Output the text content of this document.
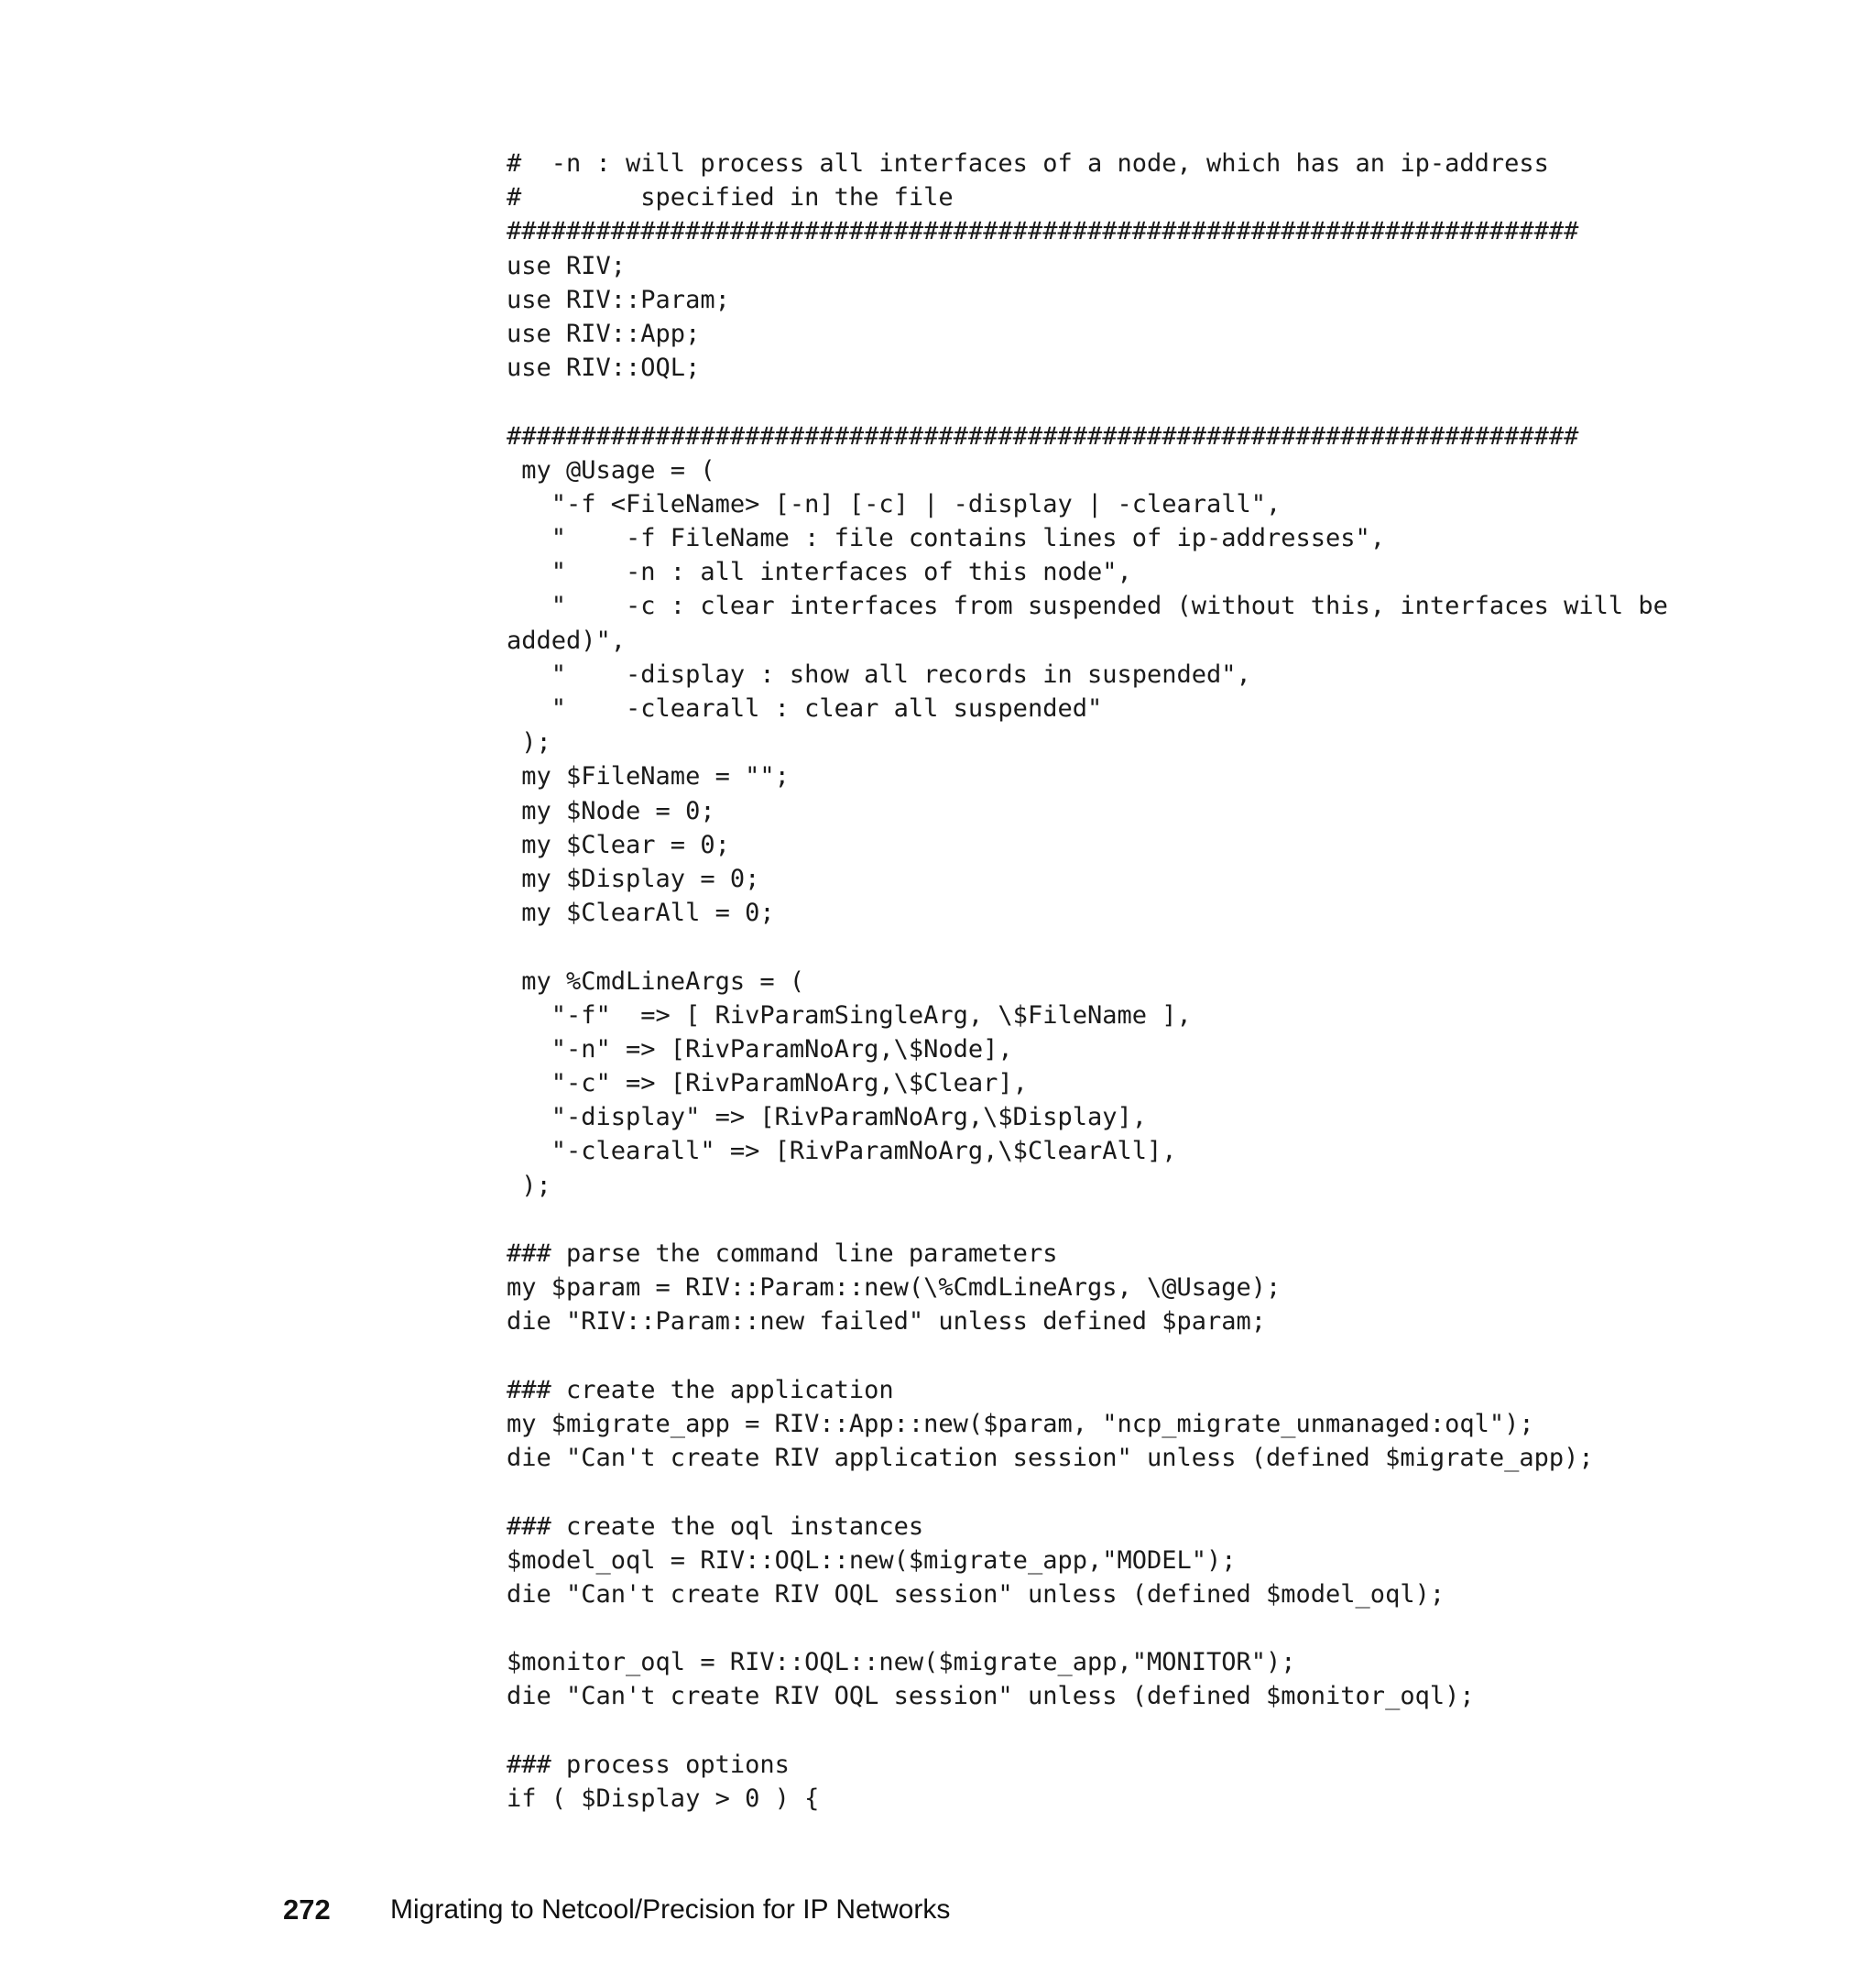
#  -n : will process all interfaces of a node, which has an ip-address
#        specified in the file
########################################################################
use RIV;
use RIV::Param;
use RIV::App;
use RIV::OQL;
########################################################################
my @Usage = (
"-f <FileName> [-n] [-c] | -display | -clearall",
"    -f FileName : file contains lines of ip-addresses",
"    -n : all interfaces of this node",
"    -c : clear interfaces from suspended (without this, interfaces will be
added)",
"    -display : show all records in suspended",
"    -clearall : clear all suspended"
);
my $FileName = "";
my $Node = 0;
my $Clear = 0;
my $Display = 0;
my $ClearAll = 0;
my %CmdLineArgs = (
"-f"  => [ RivParamSingleArg, \$FileName ],
"-n" => [RivParamNoArg,\$Node],
"-c" => [RivParamNoArg,\$Clear],
"-display" => [RivParamNoArg,\$Display],
"-clearall" => [RivParamNoArg,\$ClearAll],
);
### parse the command line parameters
my $param = RIV::Param::new(\%CmdLineArgs, \@Usage);
die "RIV::Param::new failed" unless defined $param;
### create the application
my $migrate_app = RIV::App::new($param, "ncp_migrate_unmanaged:oql");
die "Can't create RIV application session" unless (defined $migrate_app);
### create the oql instances
$model_oql = RIV::OQL::new($migrate_app,"MODEL");
die "Can't create RIV OQL session" unless (defined $model_oql);
$monitor_oql = RIV::OQL::new($migrate_app,"MONITOR");
die "Can't create RIV OQL session" unless (defined $monitor_oql);
### process options
if ( $Display > 0 ) {
272 Migrating to Netcool/Precision for IP Networks
